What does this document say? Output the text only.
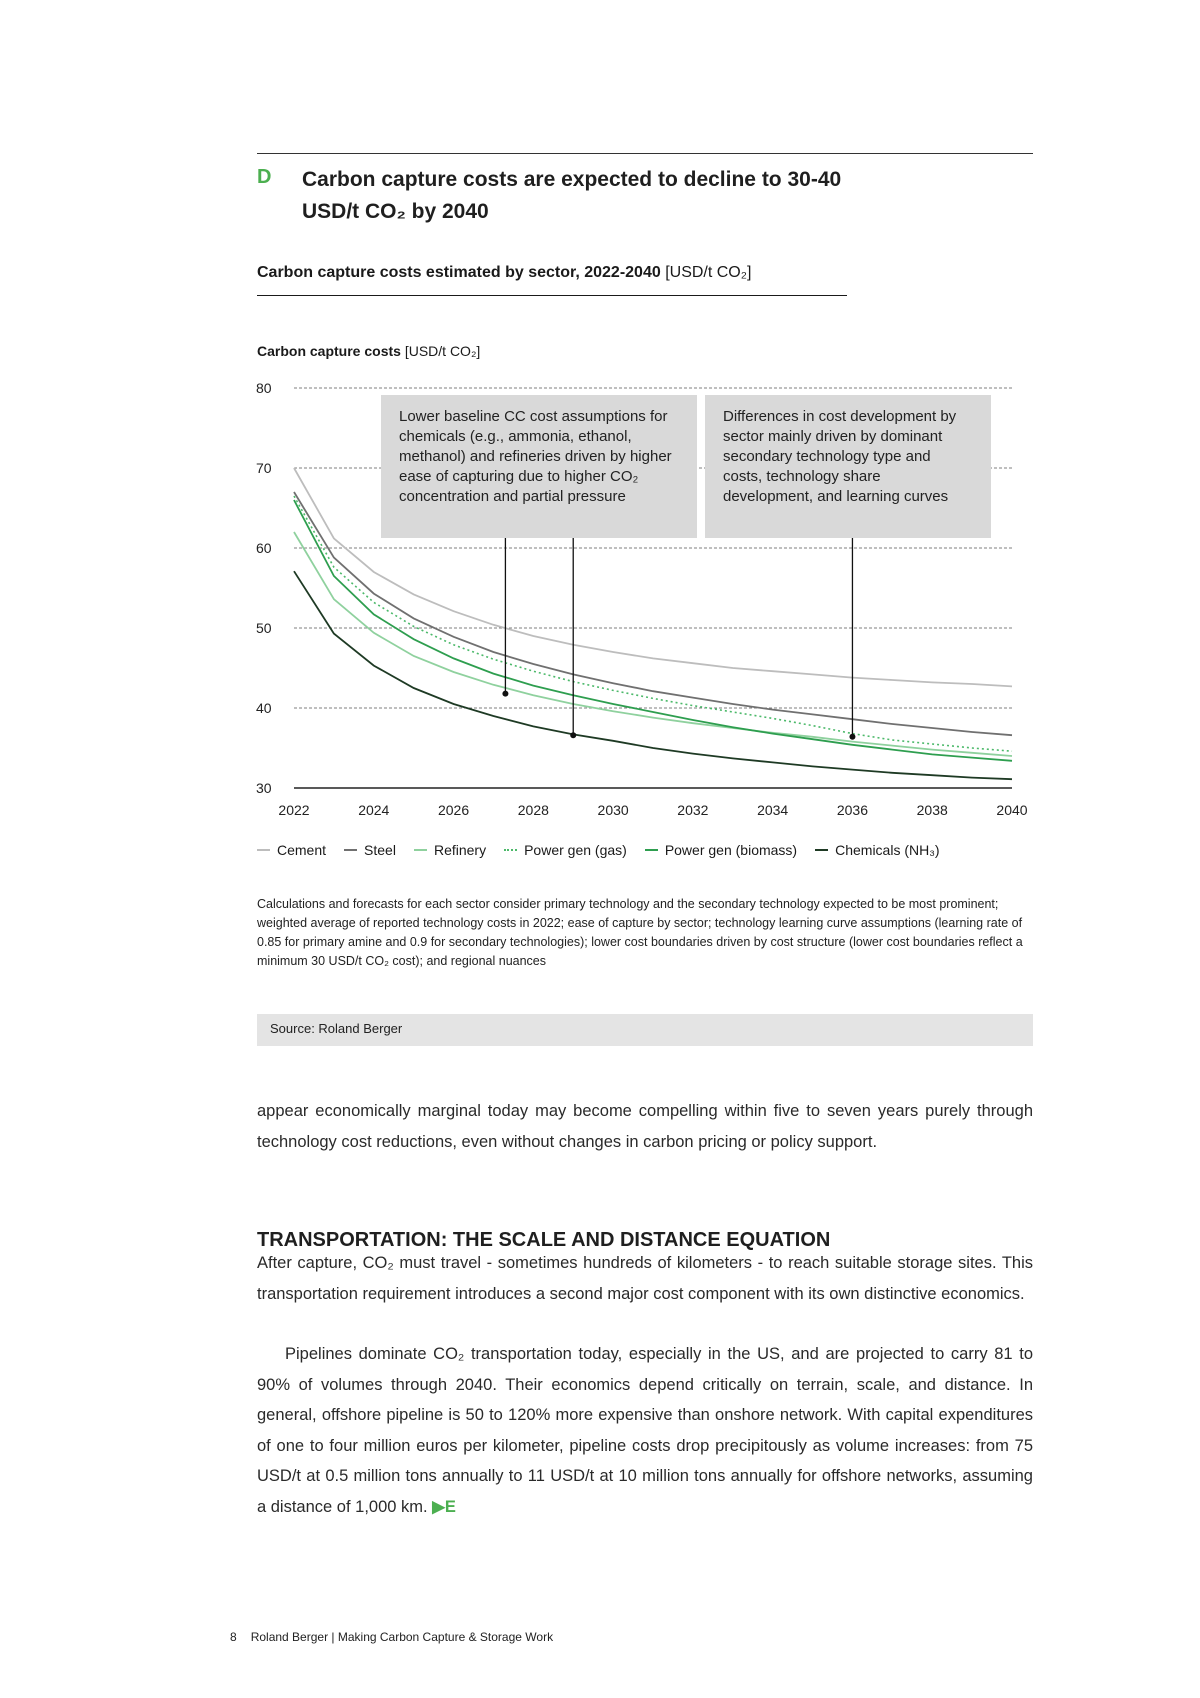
D Carbon capture costs are expected to decline to 30-40 USD/t CO₂ by 2040
Carbon capture costs estimated by sector, 2022-2040 [USD/t CO₂]
Carbon capture costs [USD/t CO₂]
30
40
50
60
70
80
2022	2024	2026	2028	2030	2032	2034	2036	2038	2040
Lower baseline CC cost assumptions for chemicals (e.g., ammonia, ethanol, methanol) and refineries driven by higher ease of capturing due to higher CO₂ concentration and partial pressure
Differences in cost development by sector mainly driven by dominant secondary technology type and costs, technology share development, and learning curves
Cement	Steel	Refinery	Power gen (gas)	Power gen (biomass)	Chemicals (NH₃)
Calculations and forecasts for each sector consider primary technology and the secondary technology expected to be most prominent; weighted average of reported technology costs in 2022; ease of capture by sector; technology learning curve assumptions (learning rate of 0.85 for primary amine and 0.9 for secondary technologies); lower cost boundaries driven by cost structure (lower cost boundaries reflect a minimum 30 USD/t CO₂ cost); and regional nuances
Source: Roland Berger
appear economically marginal today may become compelling within five to seven years purely through technology cost reductions, even without changes in carbon pricing or policy support.
TRANSPORTATION: THE SCALE AND DISTANCE EQUATION
After capture, CO₂ must travel - sometimes hundreds of kilometers - to reach suitable storage sites. This transportation requirement introduces a second major cost component with its own distinctive economics.
Pipelines dominate CO₂ transportation today, especially in the US, and are projected to carry 81 to 90% of volumes through 2040. Their economics depend critically on terrain, scale, and distance. In general, offshore pipeline is 50 to 120% more expensive than onshore network. With capital expenditures of one to four million euros per kilometer, pipeline costs drop precipitously as volume increases: from 75 USD/t at 0.5 million tons annually to 11 USD/t at 10 million tons annually for offshore networks, assuming a distance of 1,000 km. ▶E
8 Roland Berger | Making Carbon Capture & Storage Work
